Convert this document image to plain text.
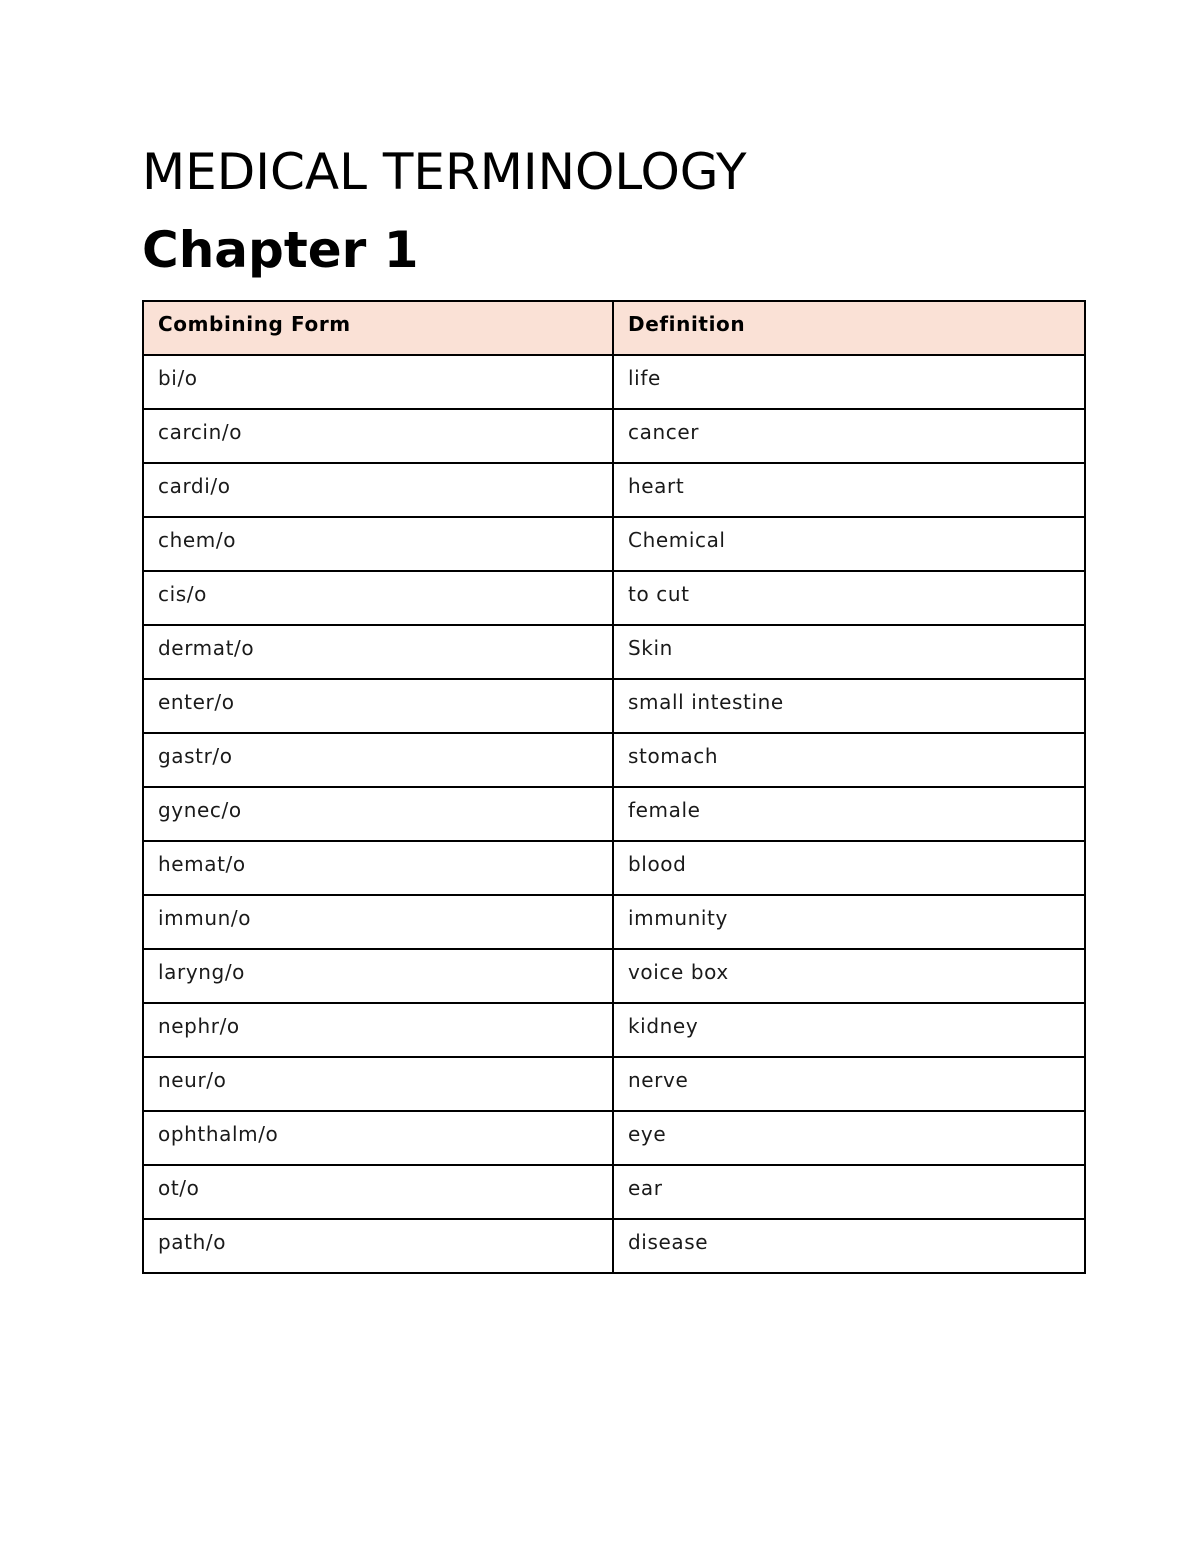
MEDICAL TERMINOLOGY
Chapter 1
Combining Form	Definition
bi/o	life
carcin/o	cancer
cardi/o	heart
chem/o	Chemical
cis/o	to cut
dermat/o	Skin
enter/o	small intestine
gastr/o	stomach
gynec/o	female
hemat/o	blood
immun/o	immunity
laryng/o	voice box
nephr/o	kidney
neur/o	nerve
ophthalm/o	eye
ot/o	ear
path/o	disease
